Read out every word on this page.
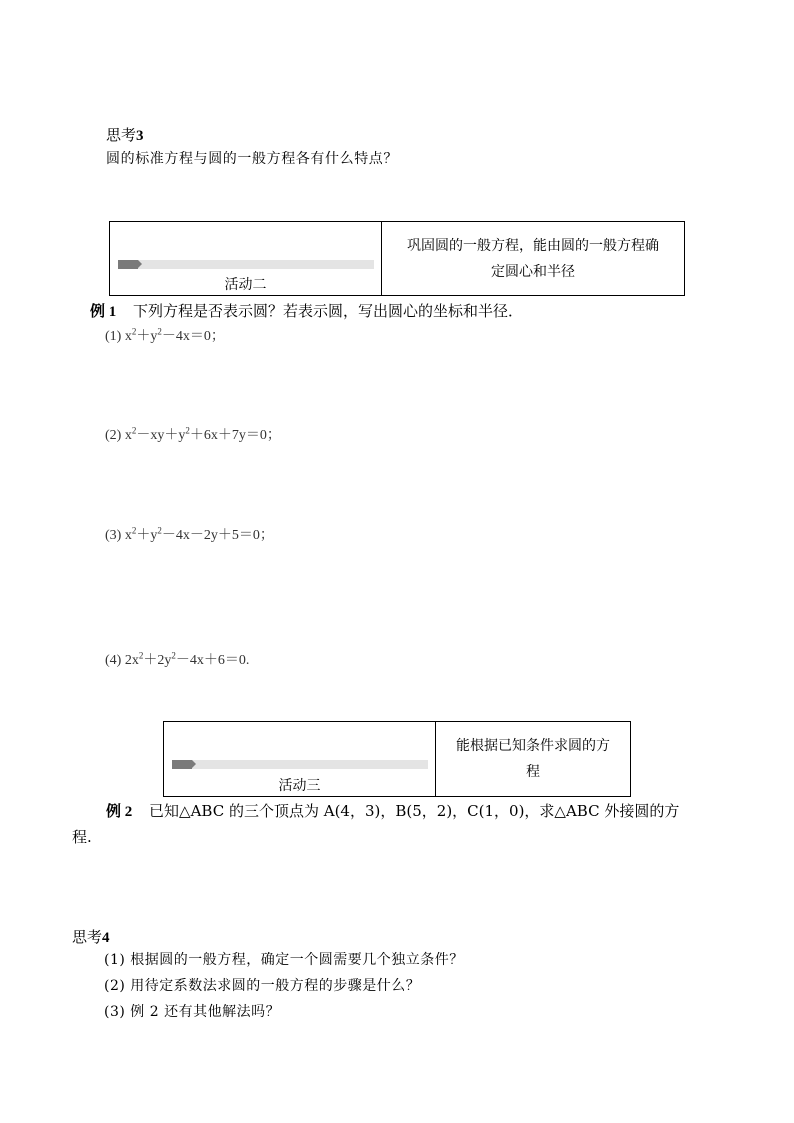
思考3
圆的标准方程与圆的一般方程各有什么特点？
活动二
巩固圆的一般方程，能由圆的一般方程确
定圆心和半径
例 1 下列方程是否表示圆？若表示圆，写出圆心的坐标和半径．
(1) $x^2+y^2-4x=0$；
(2) $x^2-xy+y^2+6x+7y=0$；
(3) $x^2+y^2-4x-2y+5=0$；
(4) $2x^2+2y^2-4x+6=0$.
活动三
能根据已知条件求圆的方
程
例 2 已知△ABC 的三个顶点为 A(4，3)，B(5，2)，C(1，0)，求△ABC 外接圆的方
程.
思考4
(1) 根据圆的一般方程，确定一个圆需要几个独立条件？
(2) 用待定系数法求圆的一般方程的步骤是什么？
(3) 例 2 还有其他解法吗？
